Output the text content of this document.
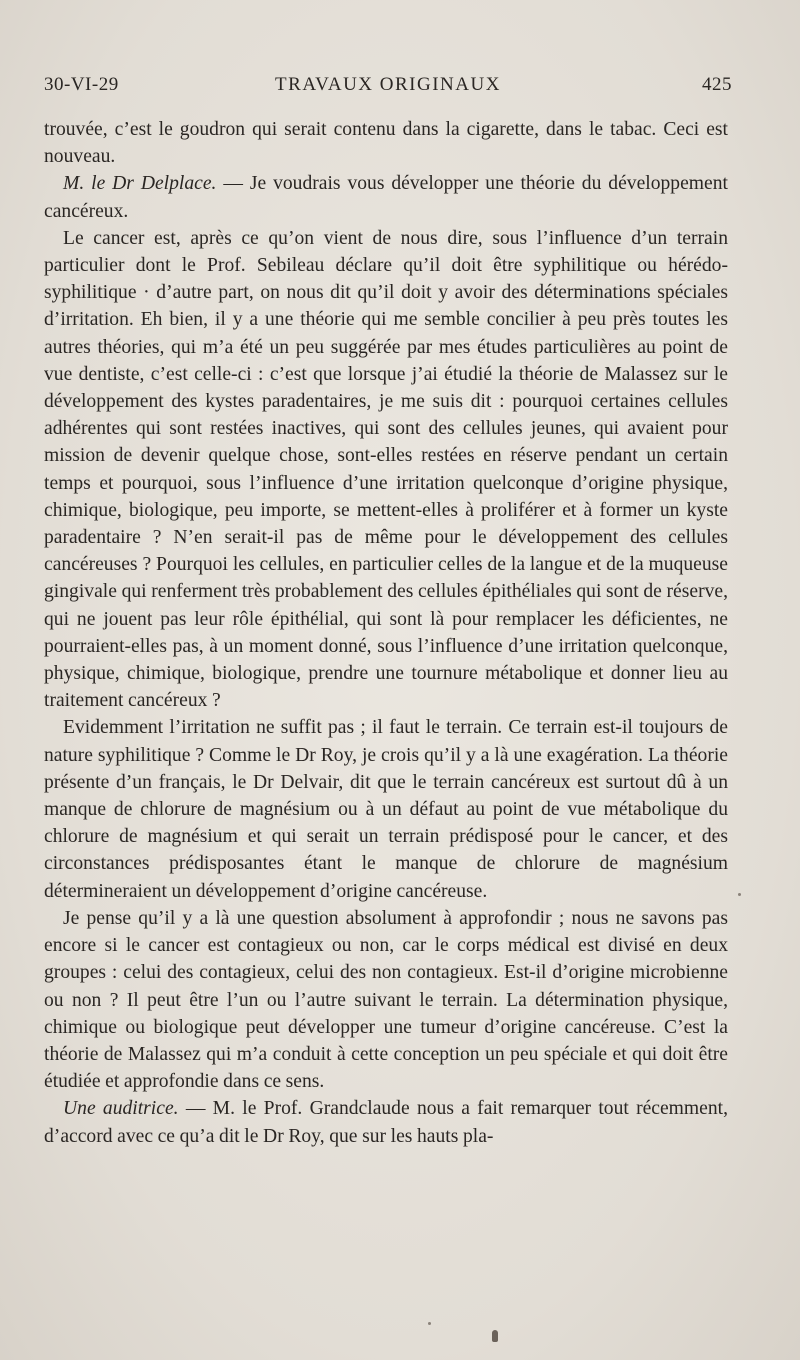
30-VI-29	TRAVAUX ORIGINAUX	425

trouvée, c’est le goudron qui serait contenu dans la cigarette, dans le tabac. Ceci est nouveau.

M. le Dr Delplace. — Je voudrais vous développer une théorie du développement cancéreux.

Le cancer est, après ce qu’on vient de nous dire, sous l’influence d’un terrain particulier dont le Prof. Sebileau déclare qu’il doit être syphilitique ou hérédo-syphilitique · d’autre part, on nous dit qu’il doit y avoir des déterminations spéciales d’irritation. Eh bien, il y a une théorie qui me semble concilier à peu près toutes les autres théories, qui m’a été un peu suggérée par mes études particulières au point de vue dentiste, c’est celle-ci : c’est que lorsque j’ai étudié la théorie de Malassez sur le développement des kystes paradentaires, je me suis dit : pourquoi certaines cellules adhérentes qui sont restées inactives, qui sont des cellules jeunes, qui avaient pour mission de devenir quelque chose, sont-elles restées en réserve pendant un certain temps et pourquoi, sous l’influence d’une irritation quelconque d’origine physique, chimique, biologique, peu importe, se mettent-elles à proliférer et à former un kyste paradentaire ? N’en serait-il pas de même pour le développement des cellules cancéreuses ? Pourquoi les cellules, en particulier celles de la langue et de la muqueuse gingivale qui renferment très probablement des cellules épithéliales qui sont de réserve, qui ne jouent pas leur rôle épithélial, qui sont là pour remplacer les déficientes, ne pourraient-elles pas, à un moment donné, sous l’influence d’une irritation quelconque, physique, chimique, biologique, prendre une tournure métabolique et donner lieu au traitement cancéreux ?

Evidemment l’irritation ne suffit pas ; il faut le terrain. Ce terrain est-il toujours de nature syphilitique ? Comme le Dr Roy, je crois qu’il y a là une exagération. La théorie présente d’un français, le Dr Delvair, dit que le terrain cancéreux est surtout dû à un manque de chlorure de magnésium ou à un défaut au point de vue métabolique du chlorure de magnésium et qui serait un terrain prédisposé pour le cancer, et des circonstances prédisposantes étant le manque de chlorure de magnésium détermineraient un développement d’origine cancéreuse.

Je pense qu’il y a là une question absolument à approfondir ; nous ne savons pas encore si le cancer est contagieux ou non, car le corps médical est divisé en deux groupes : celui des contagieux, celui des non contagieux. Est-il d’origine microbienne ou non ? Il peut être l’un ou l’autre suivant le terrain. La détermination physique, chimique ou biologique peut développer une tumeur d’origine cancéreuse. C’est la théorie de Malassez qui m’a conduit à cette conception un peu spéciale et qui doit être étudiée et approfondie dans ce sens.

Une auditrice. — M. le Prof. Grandclaude nous a fait remarquer tout récemment, d’accord avec ce qu’a dit le Dr Roy, que sur les hauts pla-
